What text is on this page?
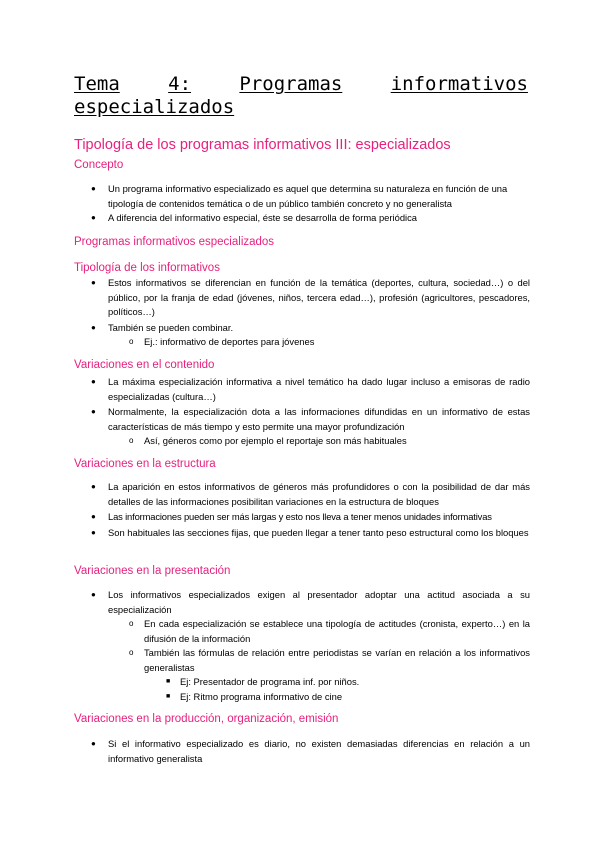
Tema	4:	Programas	informativos
especializados
Tipología de los programas informativos III: especializados
Concepto
● Un programa informativo especializado es aquel que determina su naturaleza en función de una tipología de contenidos temática o de un público también concreto y no generalista
● A diferencia del informativo especial, éste se desarrolla de forma periódica
Programas informativos especializados
Tipología de los informativos
● Estos informativos se diferencian en función de la temática (deportes, cultura, sociedad…) o del público, por la franja de edad (jóvenes, niños, tercera edad…), profesión (agricultores, pescadores, políticos…)
● También se pueden combinar.
o Ej.: informativo de deportes para jóvenes
Variaciones en el contenido
● La máxima especialización informativa a nivel temático ha dado lugar incluso a emisoras de radio especializadas (cultura…)
● Normalmente, la especialización dota a las informaciones difundidas en un informativo de estas características de más tiempo y esto permite una mayor profundización
o Así, géneros como por ejemplo el reportaje son más habituales
Variaciones en la estructura
● La aparición en estos informativos de géneros más profundidores o con la posibilidad de dar más detalles de las informaciones posibilitan variaciones en la estructura de bloques
● Las informaciones pueden ser más largas y esto nos lleva a tener menos unidades informativas
● Son habituales las secciones fijas, que pueden llegar a tener tanto peso estructural como los bloques
Variaciones en la presentación
● Los informativos especializados exigen al presentador adoptar una actitud asociada a su especialización
o En cada especialización se establece una tipología de actitudes (cronista, experto…) en la difusión de la información
o También las fórmulas de relación entre periodistas se varían en relación a los informativos generalistas
■ Ej: Presentador de programa inf. por niños.
■ Ej: Ritmo programa informativo de cine
Variaciones en la producción, organización, emisión
● Si el informativo especializado es diario, no existen demasiadas diferencias en relación a un informativo generalista
